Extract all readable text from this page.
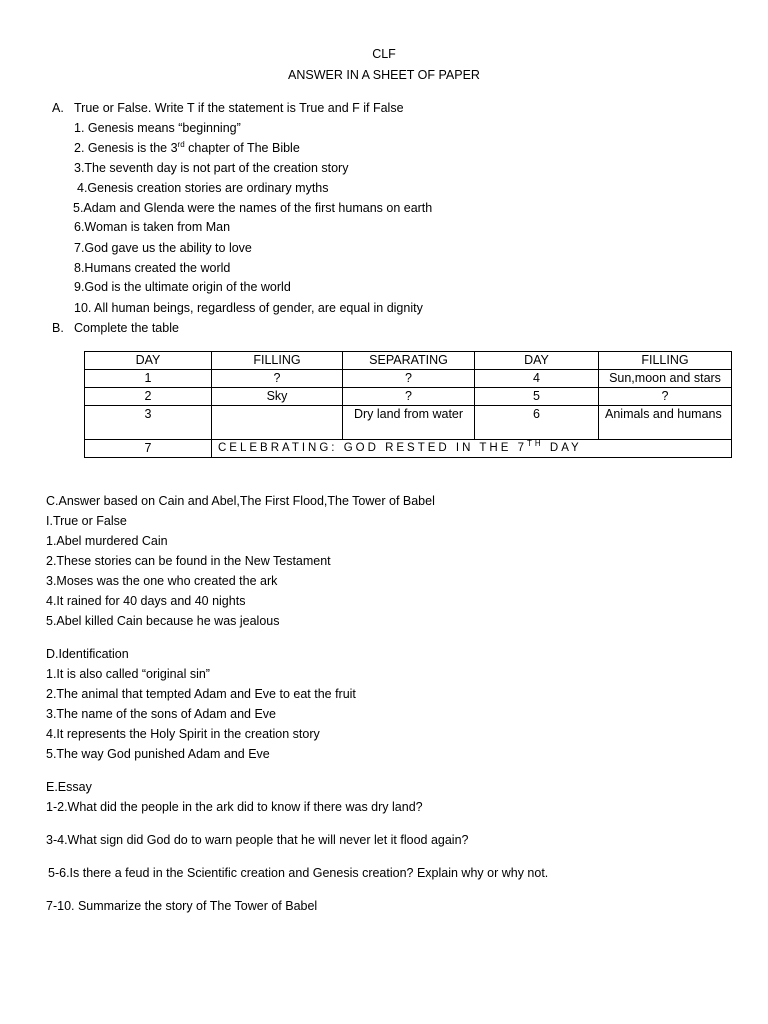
CLF
ANSWER IN A SHEET OF PAPER
A. True or False. Write T if the statement is True and F if False
1. Genesis means “beginning”
2. Genesis is the 3rd chapter of The Bible
3.The seventh day is not part of the creation story
4.Genesis creation stories are ordinary myths
5.Adam and Glenda were the names of the first humans on earth
6.Woman is taken from Man
7.God gave us the ability to love
8.Humans created the world
9.God is the ultimate origin of the world
10. All human beings, regardless of gender, are equal in dignity
B. Complete the table
DAY	FILLING	SEPARATING	DAY	FILLING
1	?	?	4	Sun,moon and stars
2	Sky	?	5	?
3		Dry land from water	6	Animals and humans
7	CELEBRATING: GOD RESTED IN THE 7TH DAY			
C.Answer based on Cain and Abel,The First Flood,The Tower of Babel
I.True or False
1.Abel murdered Cain
2.These stories can be found in the New Testament
3.Moses was the one who created the ark
4.It rained for 40 days and 40 nights
5.Abel killed Cain because he was jealous
D.Identification
1.It is also called “original sin”
2.The animal that tempted Adam and Eve to eat the fruit
3.The name of the sons of Adam and Eve
4.It represents the Holy Spirit in the creation story
5.The way God punished Adam and Eve
E.Essay
1-2.What did the people in the ark did to know if there was dry land?
3-4.What sign did God do to warn people that he will never let it flood again?
5-6.Is there a feud in the Scientific creation and Genesis creation? Explain why or why not.
7-10. Summarize the story of The Tower of Babel
